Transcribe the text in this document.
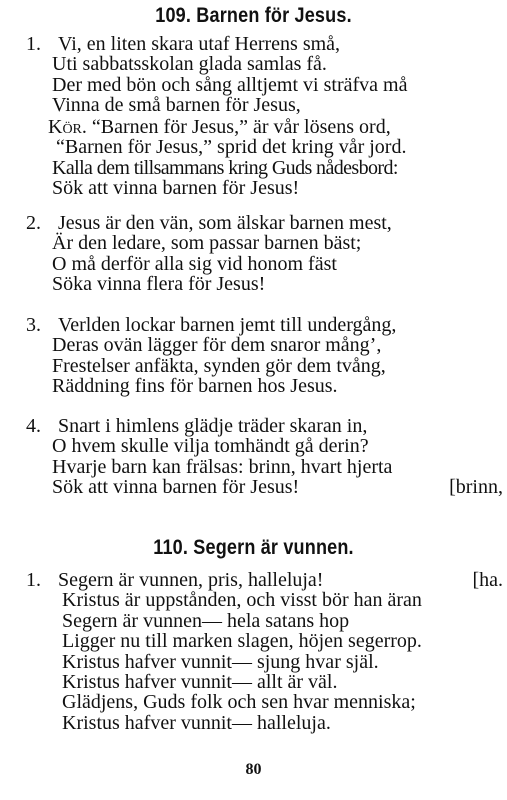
109. Barnen för Jesus.
1. Vi, en liten skara utaf Herrens små,
Uti sabbatsskolan glada samlas få.
Der med bön och sång alltjemt vi sträfva må
Vinna de små barnen för Jesus,
Kör. “Barnen för Jesus,” är vår lösens ord,
“Barnen för Jesus,” sprid det kring vår jord.
Kalla dem tillsammans kring Guds nådesbord:
Sök att vinna barnen för Jesus!
2. Jesus är den vän, som älskar barnen mest,
Är den ledare, som passar barnen bäst;
O må derför alla sig vid honom fäst
Söka vinna flera för Jesus!
3. Verlden lockar barnen jemt till undergång,
Deras ovän lägger för dem snaror mång’,
Frestelser anfäkta, synden gör dem tvång,
Räddning fins för barnen hos Jesus.
4. Snart i himlens glädje träder skaran in,
O hvem skulle vilja tomhändt gå derin?
Hvarje barn kan frälsas: brinn, hvart hjerta
Sök att vinna barnen för Jesus!	[brinn,
110. Segern är vunnen.
1. Segern är vunnen, pris, halleluja!	[ha.
Kristus är uppstånden, och visst bör han äran
Segern är vunnen— hela satans hop
Ligger nu till marken slagen, höjen segerrop.
Kristus hafver vunnit— sjung hvar själ.
Kristus hafver vunnit— allt är väl.
Glädjens, Guds folk och sen hvar menniska;
Kristus hafver vunnit— halleluja.
80
